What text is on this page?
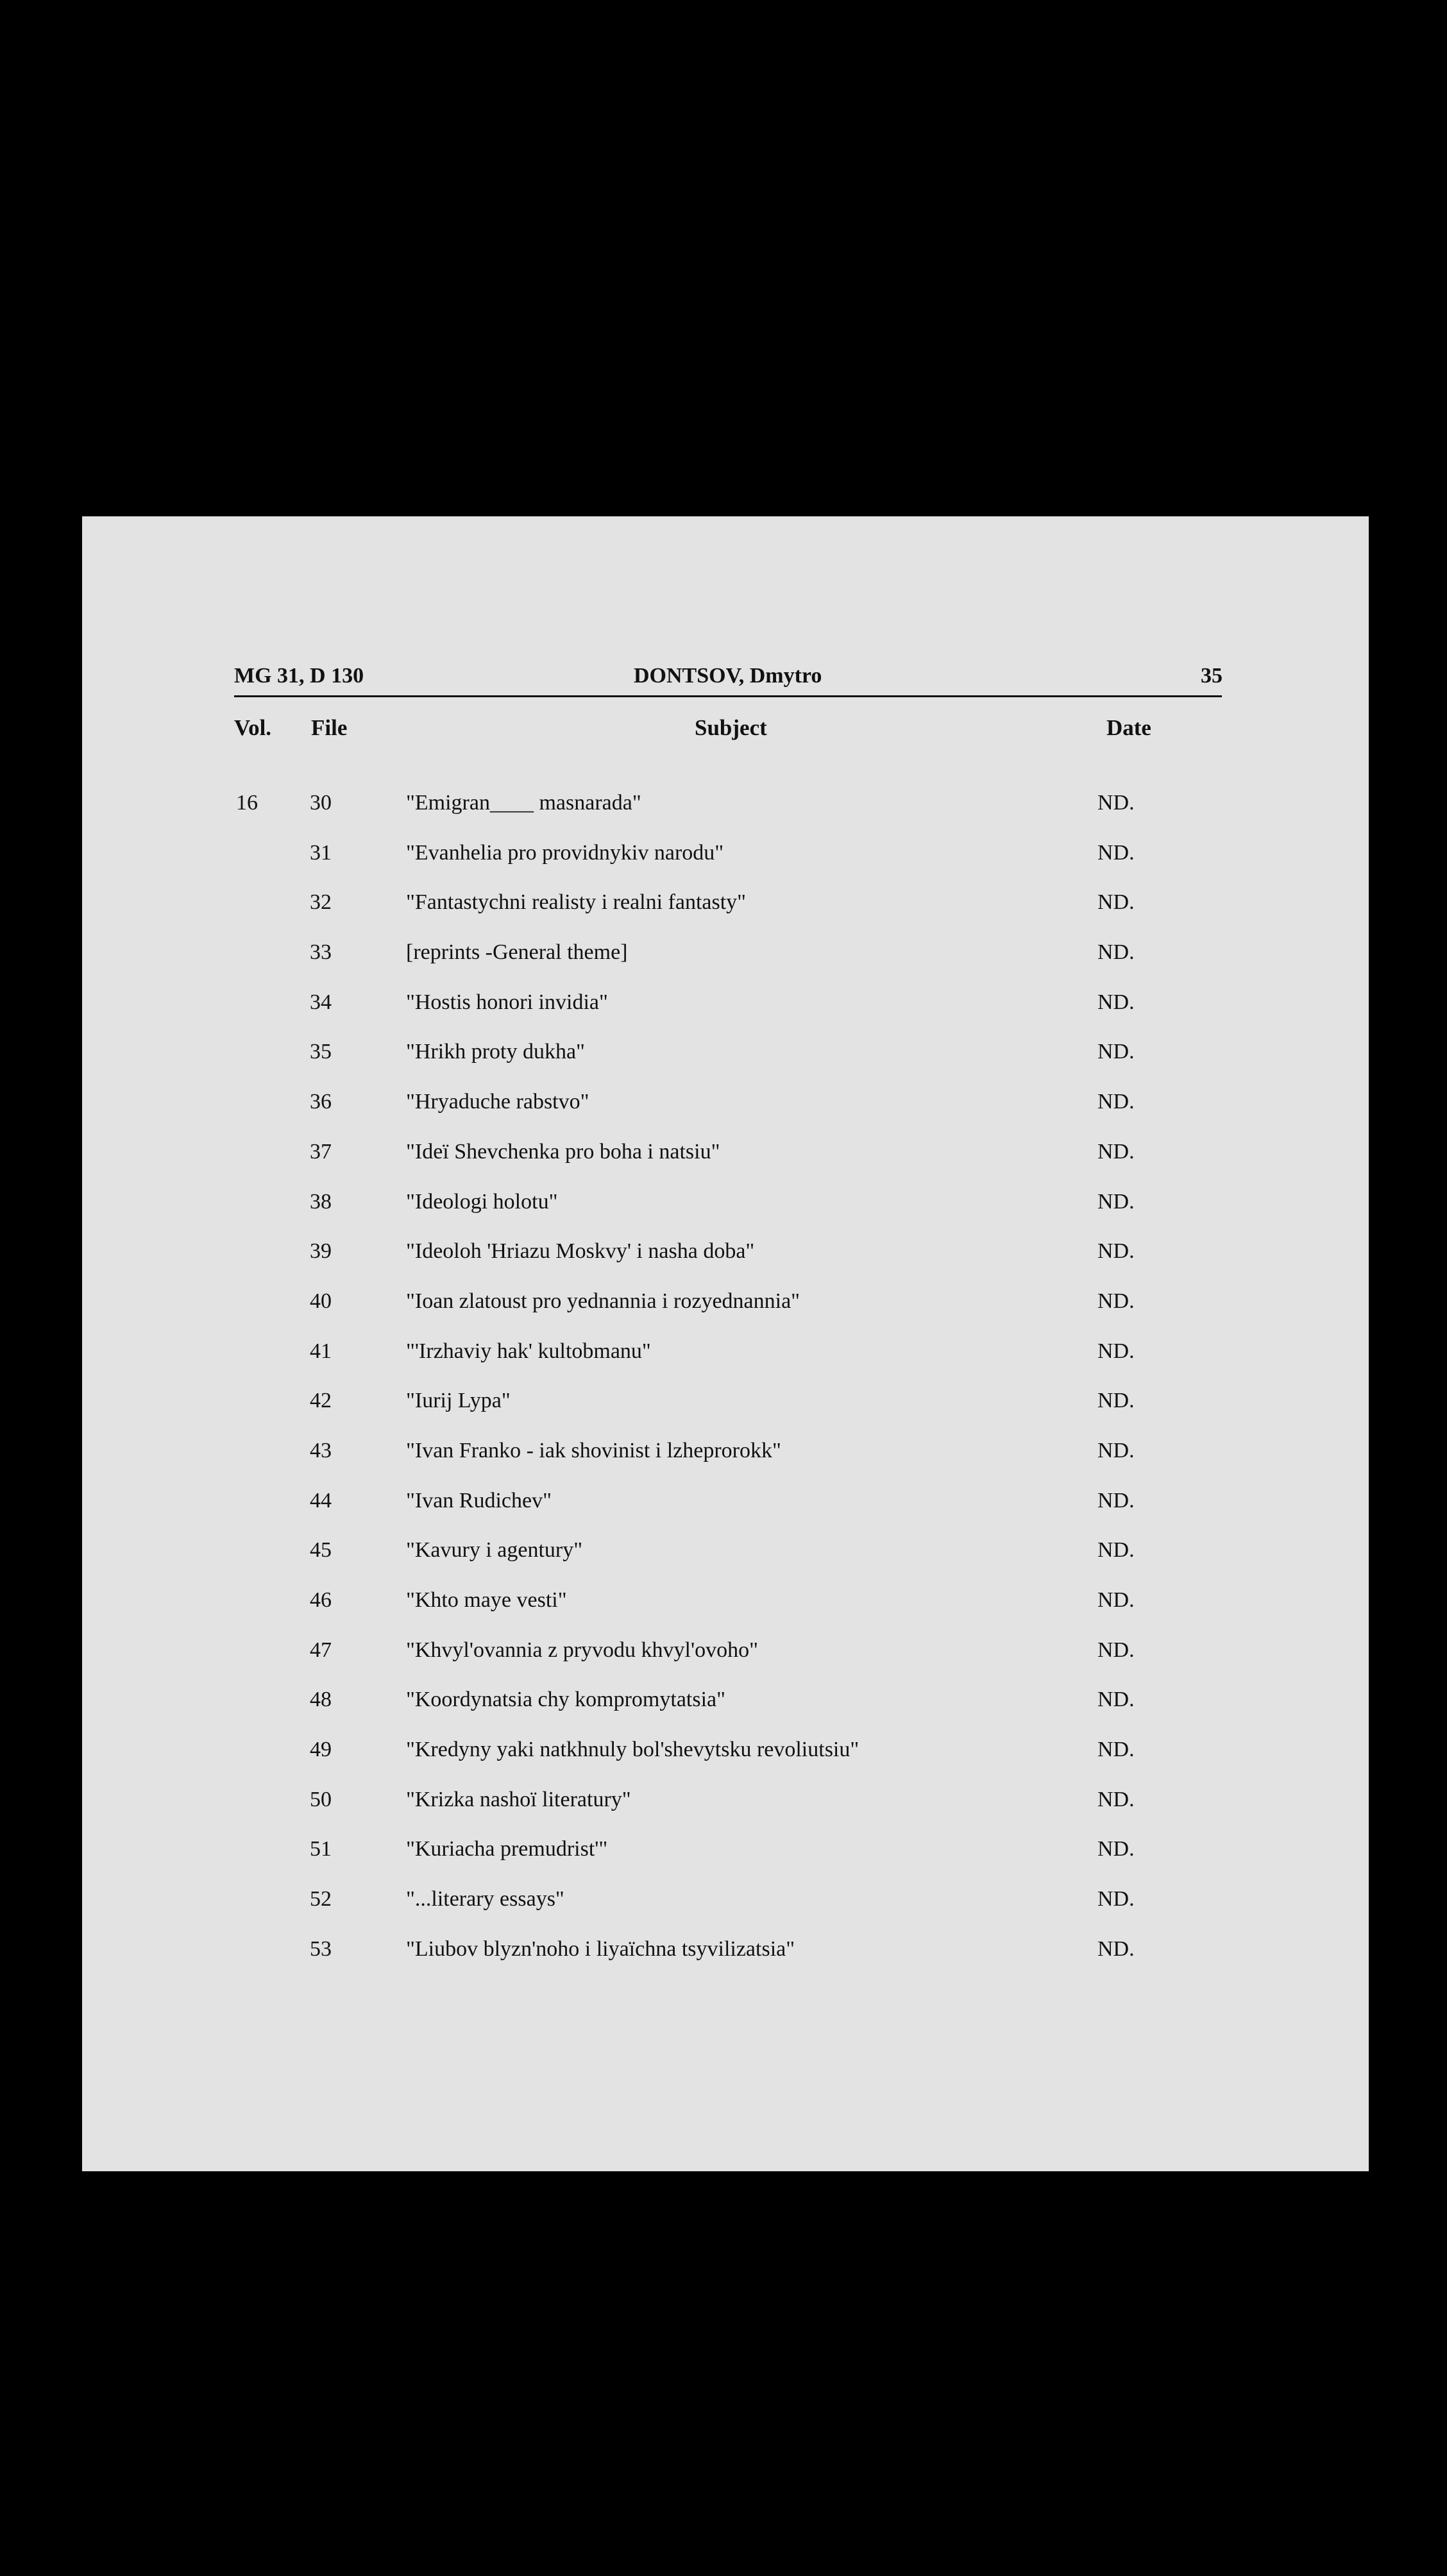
MG 31, D 130	DONTSOV, Dmytro	35
Vol. File	Subject	Date
16 30	"Emigran____ masnarada"	ND.
31	"Evanhelia pro providnykiv narodu"	ND.
32	"Fantastychni realisty i realni fantasty"	ND.
33	[reprints -General theme]	ND.
34	"Hostis honori invidia"	ND.
35	"Hrikh proty dukha"	ND.
36	"Hryaduche rabstvo"	ND.
37	"Ideï Shevchenka pro boha i natsiu"	ND.
38	"Ideologi holotu"	ND.
39	"Ideoloh 'Hriazu Moskvy' i nasha doba"	ND.
40	"Ioan zlatoust pro yednannia i rozyednannia"	ND.
41	"'Irzhaviy hak' kultobmanu"	ND.
42	"Iurij Lypa"	ND.
43	"Ivan Franko - iak shovinist i lzheprorokk"	ND.
44	"Ivan Rudichev"	ND.
45	"Kavury i agentury"	ND.
46	"Khto maye vesti"	ND.
47	"Khvyl'ovannia z pryvodu khvyl'ovoho"	ND.
48	"Koordynatsia chy kompromytatsia"	ND.
49	"Kredyny yaki natkhnuly bol'shevytsku revoliutsiu"	ND.
50	"Krizka nashoï literatury"	ND.
51	"Kuriacha premudrist'"	ND.
52	"...literary essays"	ND.
53	"Liubov blyzn'noho i liyaïchna tsyvilizatsia"	ND.
